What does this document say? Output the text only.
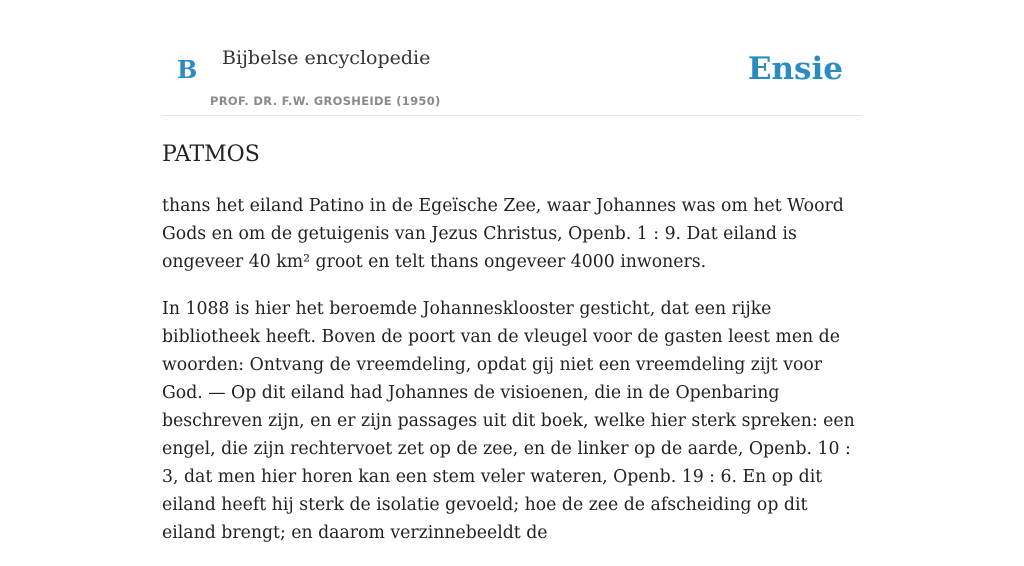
B Bijbelse encyclopedie
PROF. DR. F.W. GROSHEIDE (1950)
Ensie
PATMOS

thans het eiland Patino in de Egeïsche Zee, waar Johannes was om het Woord Gods en om de getuigenis van Jezus Christus, Openb. 1 : 9. Dat eiland is ongeveer 40 km² groot en telt thans ongeveer 4000 inwoners.

In 1088 is hier het beroemde Johannesklooster gesticht, dat een rijke bibliotheek heeft. Boven de poort van de vleugel voor de gasten leest men de woorden: Ontvang de vreemdeling, opdat gij niet een vreemdeling zijt voor God. — Op dit eiland had Johannes de visioenen, die in de Openbaring beschreven zijn, en er zijn passages uit dit boek, welke hier sterk spreken: een engel, die zijn rechtervoet zet op de zee, en de linker op de aarde, Openb. 10 : 3, dat men hier horen kan een stem veler wateren, Openb. 19 : 6. En op dit eiland heeft hij sterk de isolatie gevoeld; hoe de zee de afscheiding op dit eiland brengt; en daarom verzinnebeeldt de
